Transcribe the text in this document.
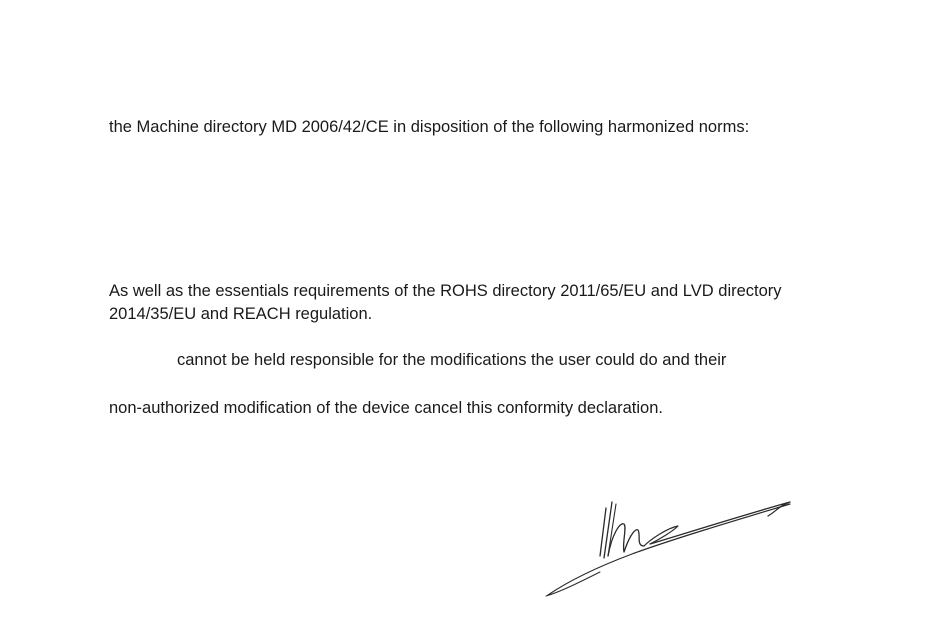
the Machine directory MD 2006/42/CE in disposition of the following harmonized norms:

As well as the essentials requirements of the ROHS directory 2011/65/EU and LVD directory 2014/35/EU and REACH regulation.

cannot be held responsible for the modifications the user could do and their

non-authorized modification of the device cancel this conformity declaration.
